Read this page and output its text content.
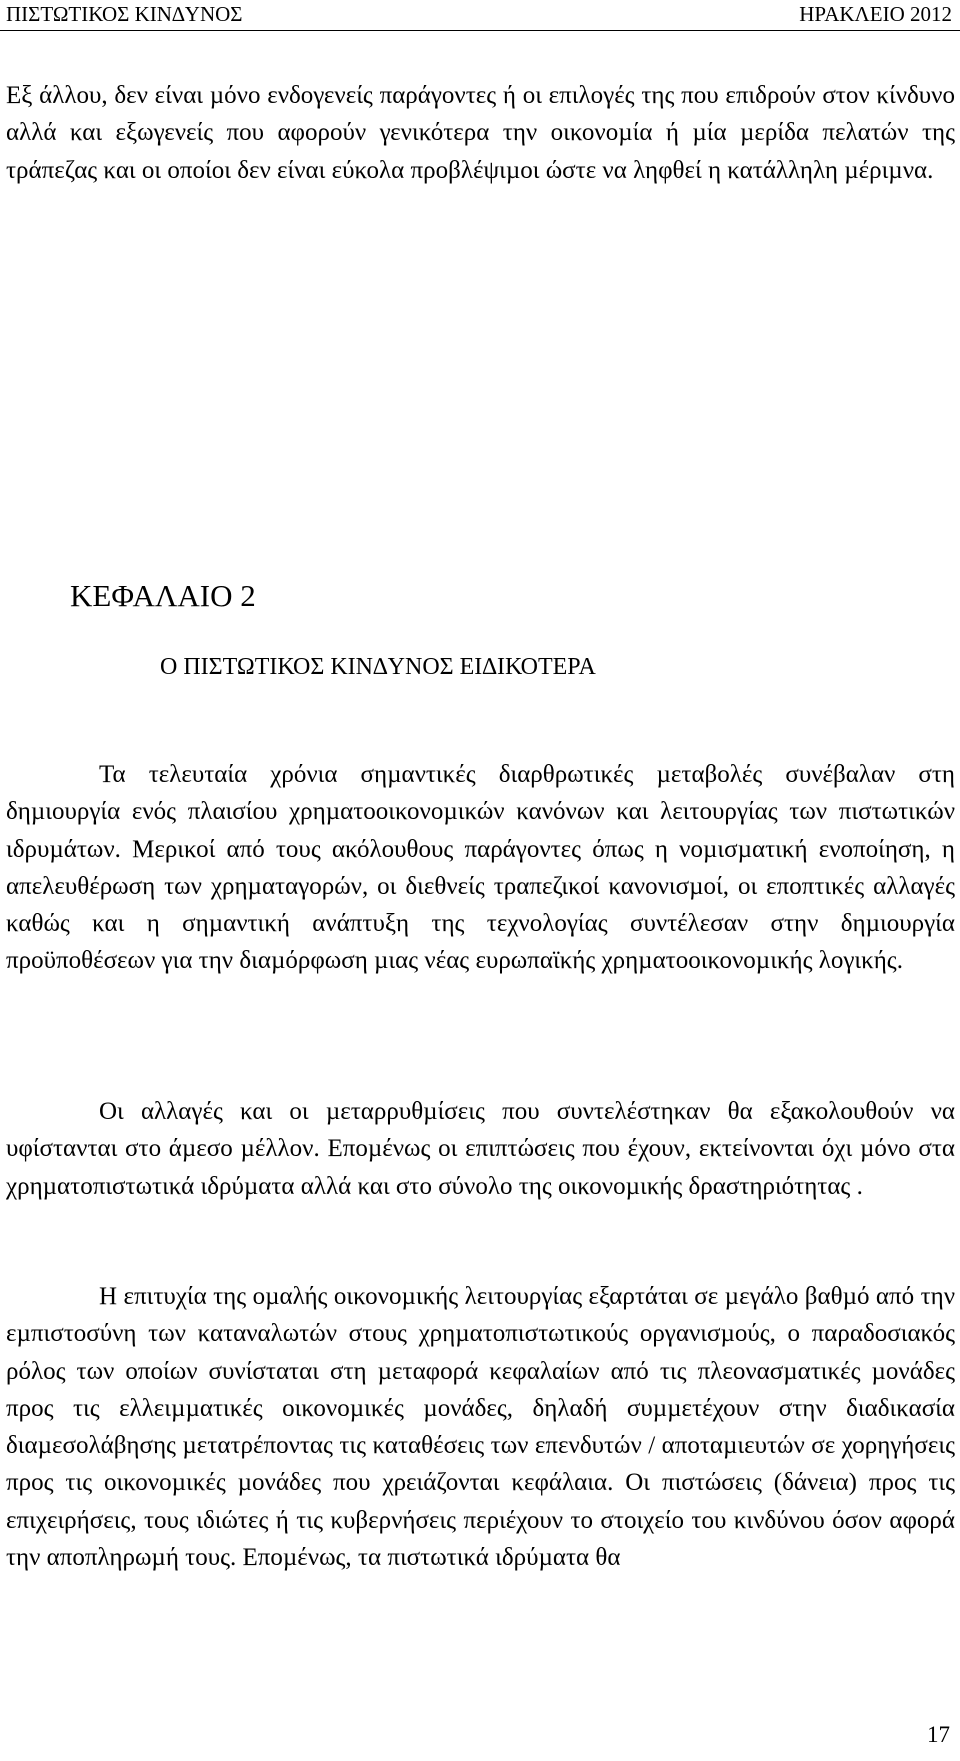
ΠΙΣΤΩΤΙΚΟΣ ΚΙΝ∆ΥΝΟΣ	ΗΡΑΚΛΕΙΟ 2012

Εξ άλλου, δεν είναι µόνο ενδογενείς παράγοντες ή οι επιλογές της που επιδρούν στον κίνδυνο αλλά και εξωγενείς που αφορούν γενικότερα την οικονοµία ή µία µερίδα πελατών της τράπεζας και οι οποίοι δεν είναι εύκολα προβλέψιµοι ώστε να ληφθεί η κατάλληλη µέριµνα.

ΚΕΦΑΛΑΙΟ 2
Ο ΠΙΣΤΩΤΙΚΟΣ ΚΙΝ∆ΥΝΟΣ ΕΙ∆ΙΚΟΤΕΡΑ

Τα τελευταία χρόνια σηµαντικές διαρθρωτικές µεταβολές συνέβαλαν στη δηµιουργία ενός πλαισίου χρηµατοοικονοµικών κανόνων και λειτουργίας των πιστωτικών ιδρυµάτων. Μερικοί από τους ακόλουθους παράγοντες όπως η νοµισµατική ενοποίηση, η απελευθέρωση των χρηµαταγορών, οι διεθνείς τραπεζικοί κανονισµοί, οι εποπτικές αλλαγές καθώς και η σηµαντική ανάπτυξη της τεχνολογίας συντέλεσαν στην δηµιουργία προϋποθέσεων για την διαµόρφωση µιας νέας ευρωπαϊκής χρηµατοοικονοµικής λογικής.

Οι αλλαγές και οι µεταρρυθµίσεις που συντελέστηκαν θα εξακολουθούν να υφίστανται στο άµεσο µέλλον. Εποµένως οι επιπτώσεις που έχουν, εκτείνονται όχι µόνο στα χρηµατοπιστωτικά ιδρύµατα αλλά και στο σύνολο της οικονοµικής δραστηριότητας .

Η επιτυχία της οµαλής οικονοµικής λειτουργίας εξαρτάται σε µεγάλο βαθµό από την εµπιστοσύνη των καταναλωτών στους χρηµατοπιστωτικούς οργανισµούς, ο παραδοσιακός ρόλος των οποίων συνίσταται στη µεταφορά κεφαλαίων από τις πλεονασµατικές µονάδες προς τις ελλειµµατικές οικονοµικές µονάδες, δηλαδή συµµετέχουν στην διαδικασία διαµεσολάβησης µετατρέποντας τις καταθέσεις των επενδυτών / αποταµιευτών σε χορηγήσεις προς τις οικονοµικές µονάδες που χρειάζονται κεφάλαια. Οι πιστώσεις (δάνεια) προς τις επιχειρήσεις, τους ιδιώτες ή τις κυβερνήσεις περιέχουν το στοιχείο του κινδύνου όσον αφορά την αποπληρωµή τους. Εποµένως, τα πιστωτικά ιδρύµατα θα

17
